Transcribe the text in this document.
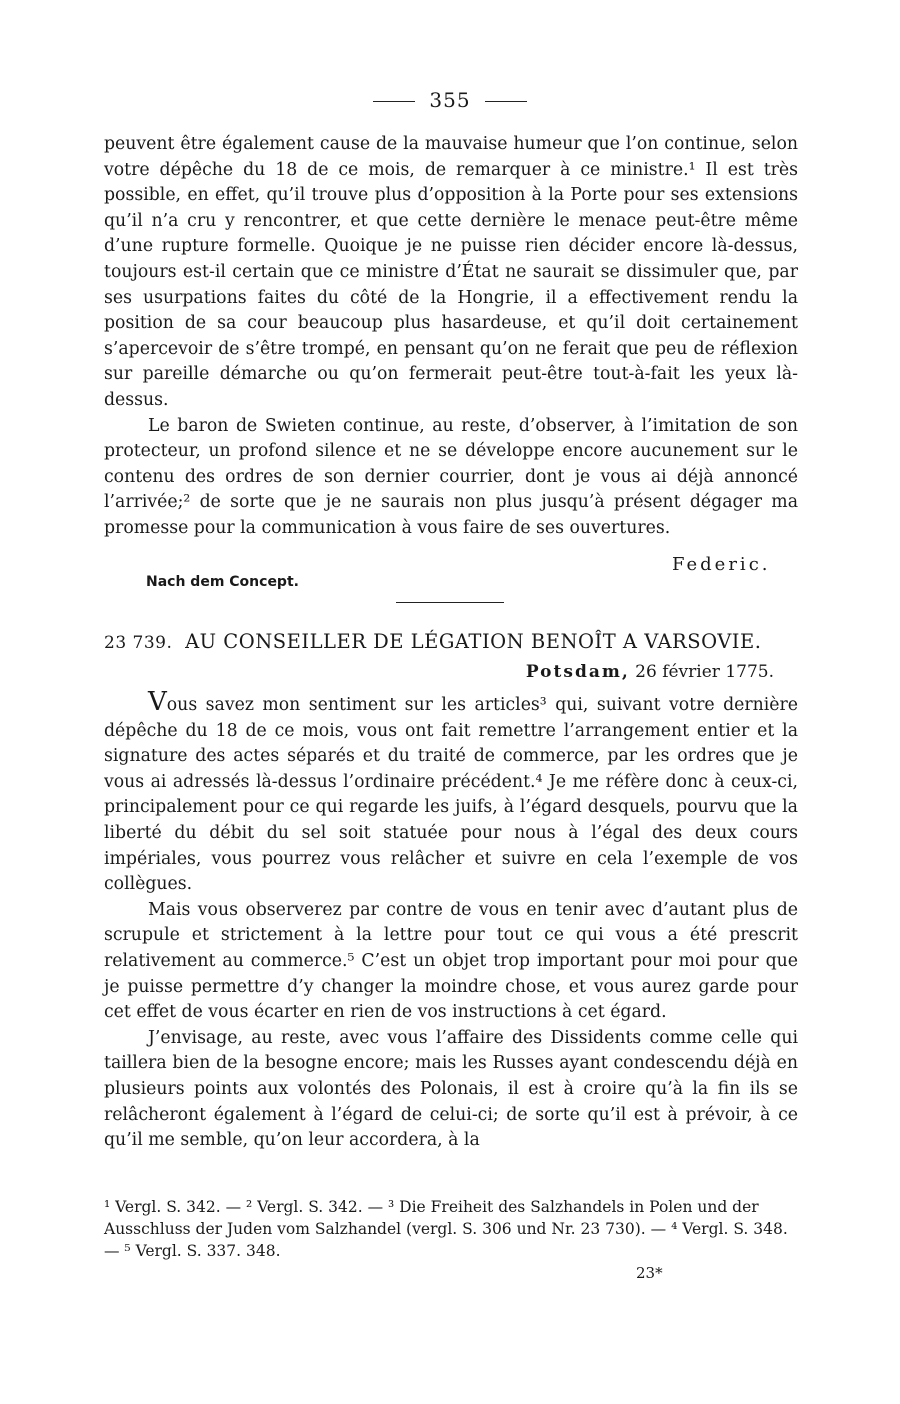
355

peuvent être également cause de la mauvaise humeur que l’on continue, selon votre dépêche du 18 de ce mois, de remarquer à ce ministre.¹ Il est très possible, en effet, qu’il trouve plus d’opposition à la Porte pour ses extensions qu’il n’a cru y rencontrer, et que cette dernière le menace peut-être même d’une rupture formelle. Quoique je ne puisse rien décider encore là-dessus, toujours est-il certain que ce ministre d’État ne saurait se dissimuler que, par ses usurpations faites du côté de la Hongrie, il a effectivement rendu la position de sa cour beaucoup plus hasardeuse, et qu’il doit certainement s’apercevoir de s’être trompé, en pensant qu’on ne ferait que peu de réflexion sur pareille démarche ou qu’on fermerait peut-être tout-à-fait les yeux là-dessus.

Le baron de Swieten continue, au reste, d’observer, à l’imitation de son protecteur, un profond silence et ne se développe encore aucunement sur le contenu des ordres de son dernier courrier, dont je vous ai déjà annoncé l’arrivée;² de sorte que je ne saurais non plus jusqu’à présent dégager ma promesse pour la communication à vous faire de ses ouvertures.

Federic.
Nach dem Concept.
23 739. AU CONSEILLER DE LÉGATION BENOÎT A VARSOVIE.
Potsdam, 26 février 1775.

Vous savez mon sentiment sur les articles³ qui, suivant votre dernière dépêche du 18 de ce mois, vous ont fait remettre l’arrangement entier et la signature des actes séparés et du traité de commerce, par les ordres que je vous ai adressés là-dessus l’ordinaire précédent.⁴ Je me réfère donc à ceux-ci, principalement pour ce qui regarde les juifs, à l’égard desquels, pourvu que la liberté du débit du sel soit statuée pour nous à l’égal des deux cours impériales, vous pourrez vous relâcher et suivre en cela l’exemple de vos collègues.

Mais vous observerez par contre de vous en tenir avec d’autant plus de scrupule et strictement à la lettre pour tout ce qui vous a été prescrit relativement au commerce.⁵ C’est un objet trop important pour moi pour que je puisse permettre d’y changer la moindre chose, et vous aurez garde pour cet effet de vous écarter en rien de vos instructions à cet égard.

J’envisage, au reste, avec vous l’affaire des Dissidents comme celle qui taillera bien de la besogne encore; mais les Russes ayant condescendu déjà en plusieurs points aux volontés des Polonais, il est à croire qu’à la fin ils se relâcheront également à l’égard de celui-ci; de sorte qu’il est à prévoir, à ce qu’il me semble, qu’on leur accordera, à la

¹ Vergl. S. 342. — ² Vergl. S. 342. — ³ Die Freiheit des Salzhandels in Polen und der Ausschluss der Juden vom Salzhandel (vergl. S. 306 und Nr. 23 730). — ⁴ Vergl. S. 348. — ⁵ Vergl. S. 337. 348.
23*
